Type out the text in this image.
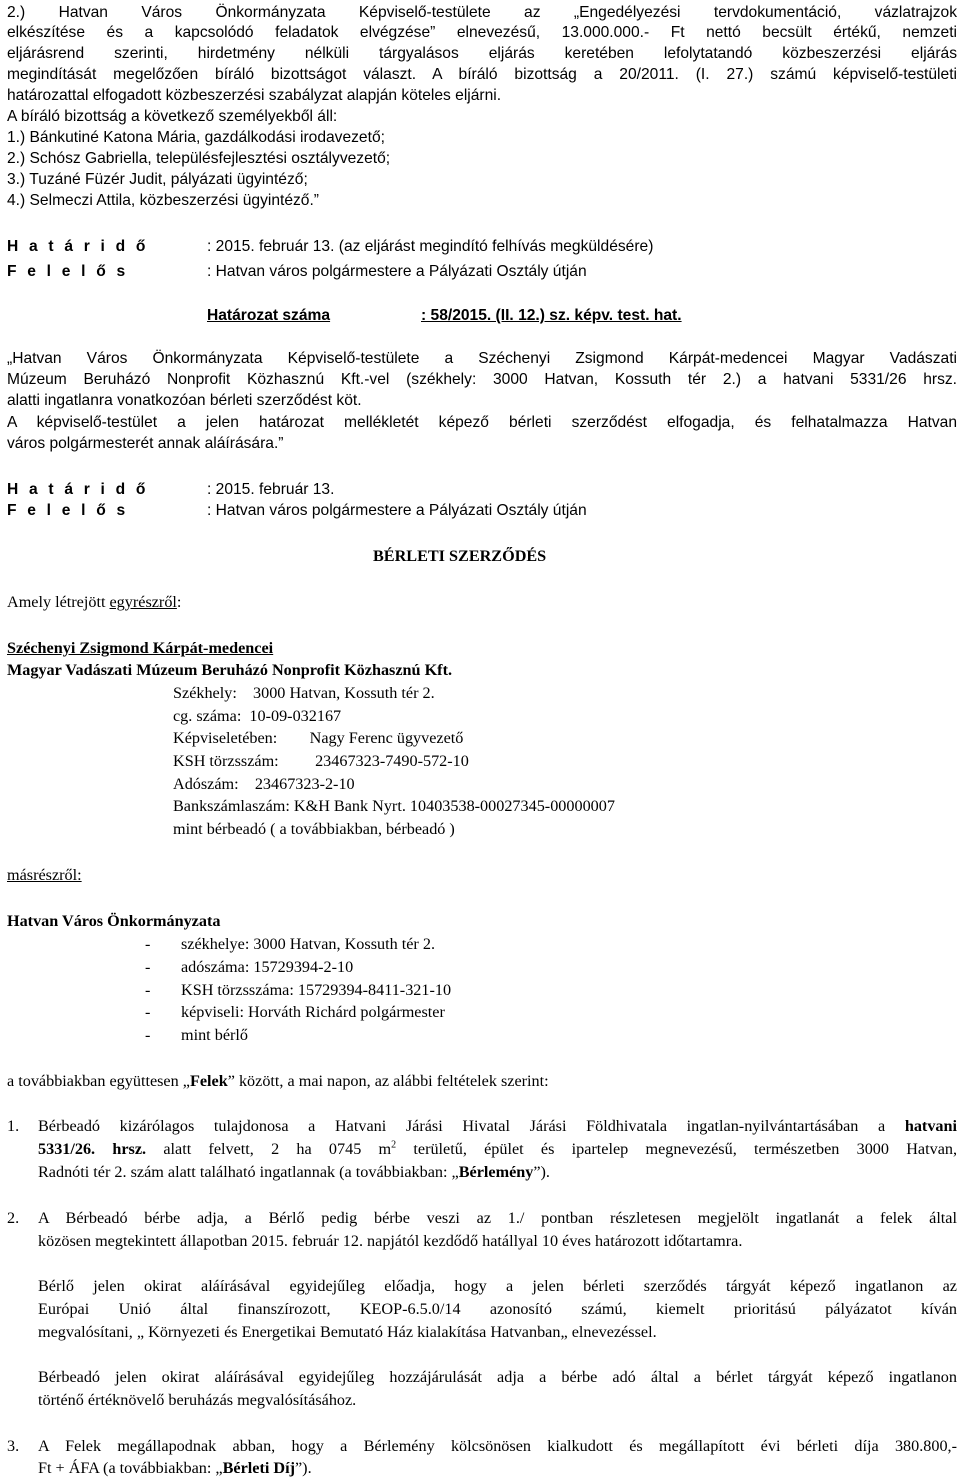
2.) Hatvan Város Önkormányzata Képviselő-testülete az „Engedélyezési tervdokumentáció, vázlatrajzok
elkészítése és a kapcsolódó feladatok elvégzése” elnevezésű, 13.000.000.- Ft nettó becsült értékű, nemzeti
eljárásrend szerinti, hirdetmény nélküli tárgyalásos eljárás keretében lefolytatandó közbeszerzési eljárás
megindítását megelőzően bíráló bizottságot választ. A bíráló bizottság a 20/2011. (I. 27.) számú képviselő-testületi
határozattal elfogadott közbeszerzési szabályzat alapján köteles eljárni.
A bíráló bizottság a következő személyekből áll:
1.) Bánkutiné Katona Mária, gazdálkodási irodavezető;
2.) Schósz Gabriella, településfejlesztési osztályvezető;
3.) Tuzáné Füzér Judit, pályázati ügyintéző;
4.) Selmeczi Attila, közbeszerzési ügyintéző.”
H a t á r i d ő	: 2015. február 13. (az eljárást megindító felhívás megküldésére)
F e l e l ő s	: Hatvan város polgármestere a Pályázati Osztály útján
Határozat száma	: 58/2015. (II. 12.) sz. képv. test. hat.
„Hatvan Város Önkormányzata Képviselő-testülete a Széchenyi Zsigmond Kárpát-medencei Magyar Vadászati
Múzeum Beruházó Nonprofit Közhasznú Kft.-vel (székhely: 3000 Hatvan, Kossuth tér 2.) a hatvani 5331/26 hrsz.
alatti ingatlanra vonatkozóan bérleti szerződést köt.
A képviselő-testület a jelen határozat mellékletét képező bérleti szerződést elfogadja, és felhatalmazza Hatvan
város polgármesterét annak aláírására.”
H a t á r i d ő	: 2015. február 13.
F e l e l ő s	: Hatvan város polgármestere a Pályázati Osztály útján
BÉRLETI SZERZŐDÉS
Amely létrejött egyrészről:
Széchenyi Zsigmond Kárpát-medencei
Magyar Vadászati Múzeum Beruházó Nonprofit Közhasznú Kft.
Székhely:    3000 Hatvan, Kossuth tér 2.
cg. száma:  10-09-032167
Képviseletében:        Nagy Ferenc ügyvezető
KSH törzsszám:         23467323-7490-572-10
Adószám:    23467323-2-10
Bankszámlaszám: K&H Bank Nyrt. 10403538-00027345-00000007
mint bérbeadó ( a továbbiakban, bérbeadó )
másrészről:
Hatvan Város Önkormányzata
- székhelye: 3000 Hatvan, Kossuth tér 2.
- adószáma: 15729394-2-10
- KSH törzsszáma: 15729394-8411-321-10
- képviseli: Horváth Richárd polgármester
- mint bérlő
a továbbiakban együttesen „Felek” között, a mai napon, az alábbi feltételek szerint:
1. Bérbeadó kizárólagos tulajdonosa a Hatvani Járási Hivatal Járási Földhivatala ingatlan-nyilvántartásában a hatvani
5331/26. hrsz. alatt felvett, 2 ha 0745 $m^2$ területű, épület és ipartelep megnevezésű, természetben 3000 Hatvan,
Radnóti tér 2. szám alatt található ingatlannak (a továbbiakban: „Bérlemény”).
2. A Bérbeadó bérbe adja, a Bérlő pedig bérbe veszi az 1./ pontban részletesen megjelölt ingatlanát a felek által
közösen megtekintett állapotban 2015. február 12. napjától kezdődő hatállyal 10 éves határozott időtartamra.
Bérlő jelen okirat aláírásával egyidejűleg előadja, hogy a jelen bérleti szerződés tárgyát képező ingatlanon az
Európai Unió által finanszírozott, KEOP-6.5.0/14 azonosító számú, kiemelt prioritású pályázatot kíván
megvalósítani, „ Környezeti és Energetikai Bemutató Ház kialakítása Hatvanban„ elnevezéssel.
Bérbeadó jelen okirat aláírásával egyidejűleg hozzájárulását adja a bérbe adó által a bérlet tárgyát képező ingatlanon
történő értéknövelő beruházás megvalósításához.
3. A Felek megállapodnak abban, hogy a Bérlemény kölcsönösen kialkudott és megállapított évi bérleti díja 380.800,-
Ft + ÁFA (a továbbiakban: „Bérleti Díj”).
